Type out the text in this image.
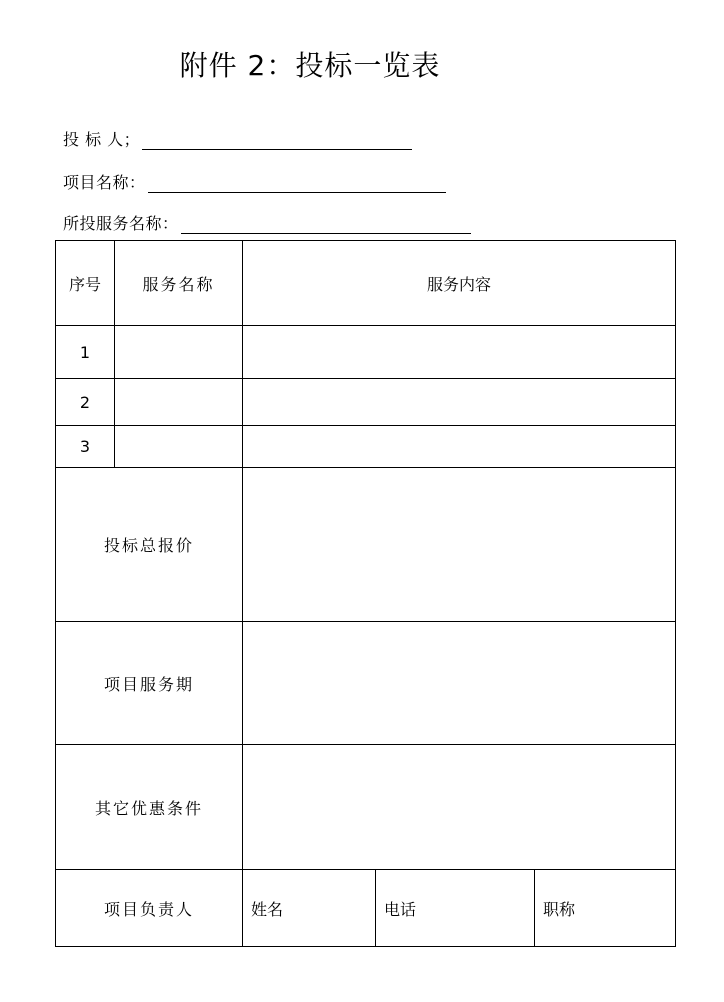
附件 2：投标一览表
投 标 人；
项目名称：
所投服务名称：
序号	服务名称	服务内容		
1				
2				
3				
投标总报价				
项目服务期				
其它优惠条件				
项目负责人		姓名	电话	职称
